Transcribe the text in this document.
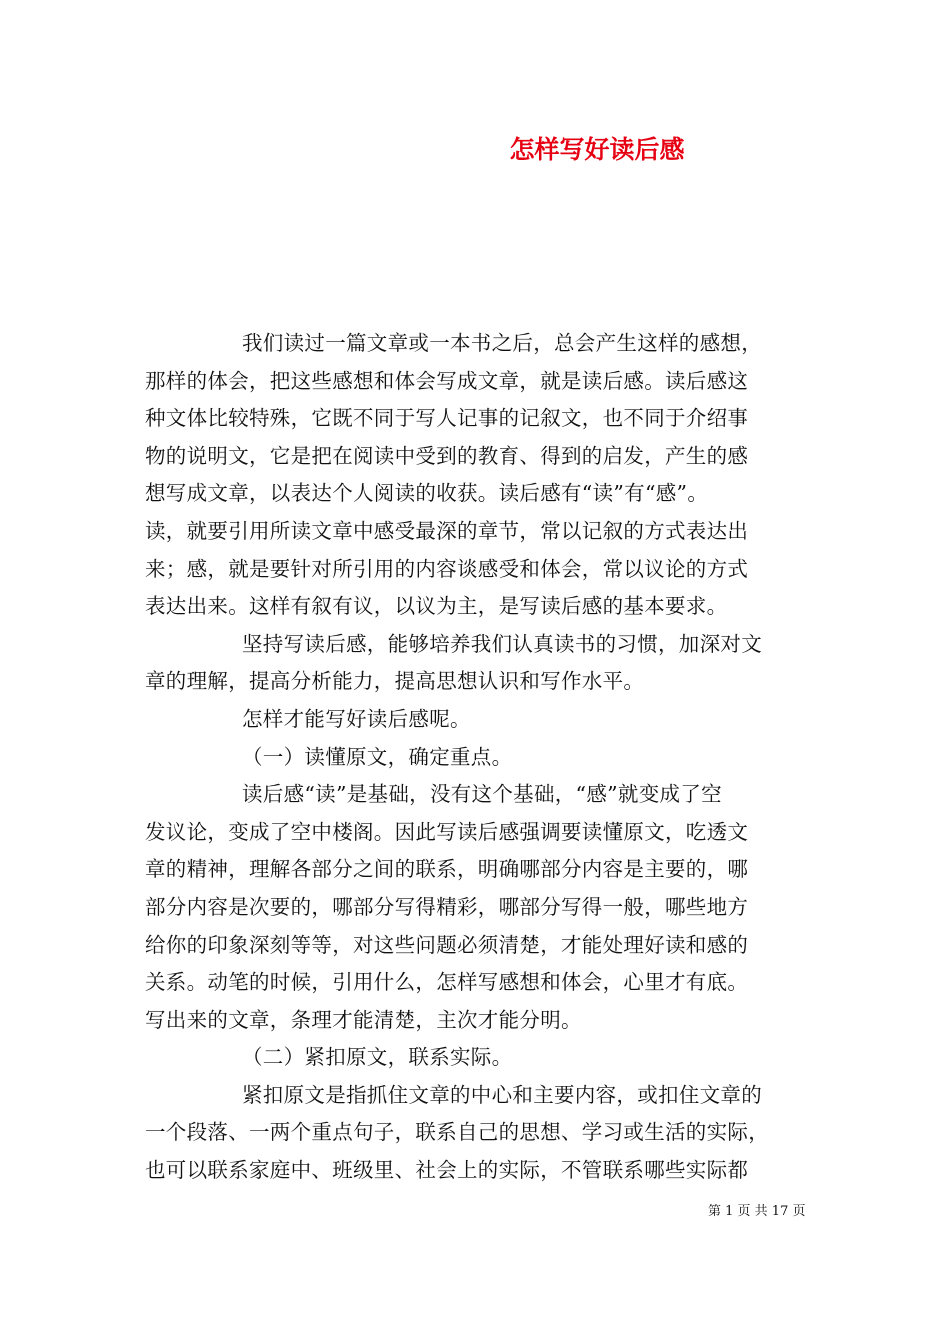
怎样写好读后感
我们读过一篇文章或一本书之后，总会产生这样的感想，
那样的体会，把这些感想和体会写成文章，就是读后感。读后感这
种文体比较特殊，它既不同于写人记事的记叙文，也不同于介绍事
物的说明文，它是把在阅读中受到的教育、得到的启发，产生的感
想写成文章，以表达个人阅读的收获。读后感有“读”有“感”。
读，就要引用所读文章中感受最深的章节，常以记叙的方式表达出
来；感，就是要针对所引用的内容谈感受和体会，常以议论的方式
表达出来。这样有叙有议，以议为主，是写读后感的基本要求。
坚持写读后感，能够培养我们认真读书的习惯，加深对文
章的理解，提高分析能力，提高思想认识和写作水平。
怎样才能写好读后感呢。
（一）读懂原文，确定重点。
读后感“读”是基础，没有这个基础，“感”就变成了空
发议论，变成了空中楼阁。因此写读后感强调要读懂原文，吃透文
章的精神，理解各部分之间的联系，明确哪部分内容是主要的，哪
部分内容是次要的，哪部分写得精彩，哪部分写得一般，哪些地方
给你的印象深刻等等，对这些问题必须清楚，才能处理好读和感的
关系。动笔的时候，引用什么，怎样写感想和体会，心里才有底。
写出来的文章，条理才能清楚，主次才能分明。
（二）紧扣原文，联系实际。
紧扣原文是指抓住文章的中心和主要内容，或扣住文章的
一个段落、一两个重点句子，联系自己的思想、学习或生活的实际，
也可以联系家庭中、班级里、社会上的实际，不管联系哪些实际都
第 1 页 共 17 页
